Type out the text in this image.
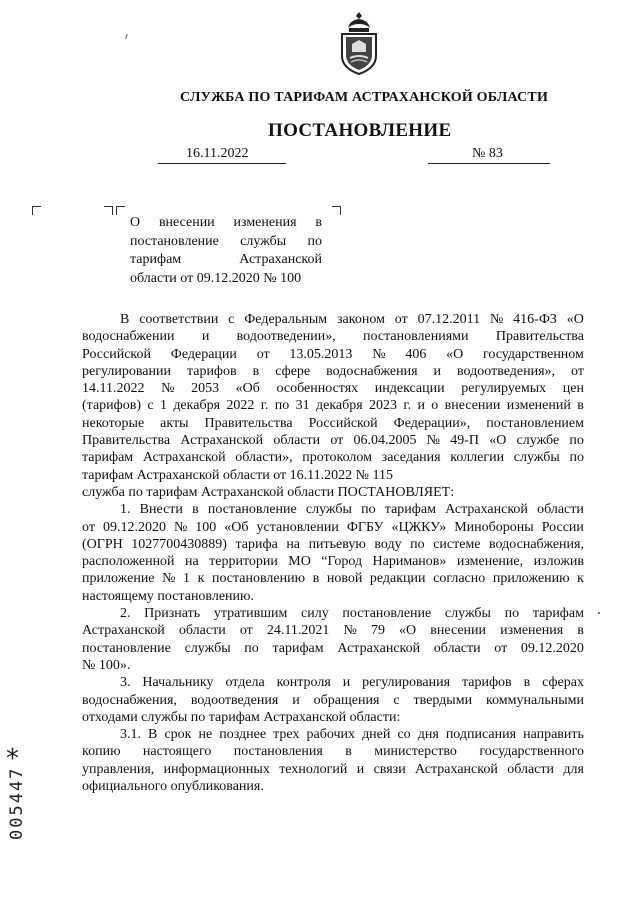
СЛУЖБА ПО ТАРИФАМ АСТРАХАНСКОЙ ОБЛАСТИ
ПОСТАНОВЛЕНИЕ
16.11.2022	№ 83
О внесении изменения в
постановление службы по
тарифам	Астраханской
области от 09.12.2020 № 100
В соответствии с Федеральным законом от 07.12.2011 № 416-ФЗ «О
водоснабжении и водоотведении», постановлениями Правительства
Российской Федерации от 13.05.2013 № 406 «О государственном
регулировании тарифов в сфере водоснабжения и водоотведения», от
14.11.2022 № 2053 «Об особенностях индексации регулируемых цен
(тарифов) с 1 декабря 2022 г. по 31 декабря 2023 г. и о внесении изменений в
некоторые акты Правительства Российской Федерации», постановлением
Правительства Астраханской области от 06.04.2005 № 49-П «О службе по
тарифам Астраханской области», протоколом заседания коллегии службы по
тарифам Астраханской области от 16.11.2022 № 115
служба по тарифам Астраханской области ПОСТАНОВЛЯЕТ:
1. Внести в постановление службы по тарифам Астраханской области
от 09.12.2020 № 100 «Об установлении ФГБУ «ЦЖКУ» Минобороны России
(ОГРН 1027700430889) тарифа на питьевую воду по системе водоснабжения,
расположенной на территории МО “Город Нариманов» изменение, изложив
приложение № 1 к постановлению в новой редакции согласно приложению к
настоящему постановлению.
2. Признать утратившим силу постановление службы по тарифам
Астраханской области от 24.11.2021 № 79 «О внесении изменения в
постановление службы по тарифам Астраханской области от 09.12.2020
№ 100».
3. Начальнику отдела контроля и регулирования тарифов в сферах
водоснабжения, водоотведения и обращения с твердыми коммунальными
отходами службы по тарифам Астраханской области:
3.1. В срок не позднее трех рабочих дней со дня подписания направить
копию настоящего постановления в министерство государственного
управления, информационных технологий и связи Астраханской области для
официального опубликования.
*
005447
